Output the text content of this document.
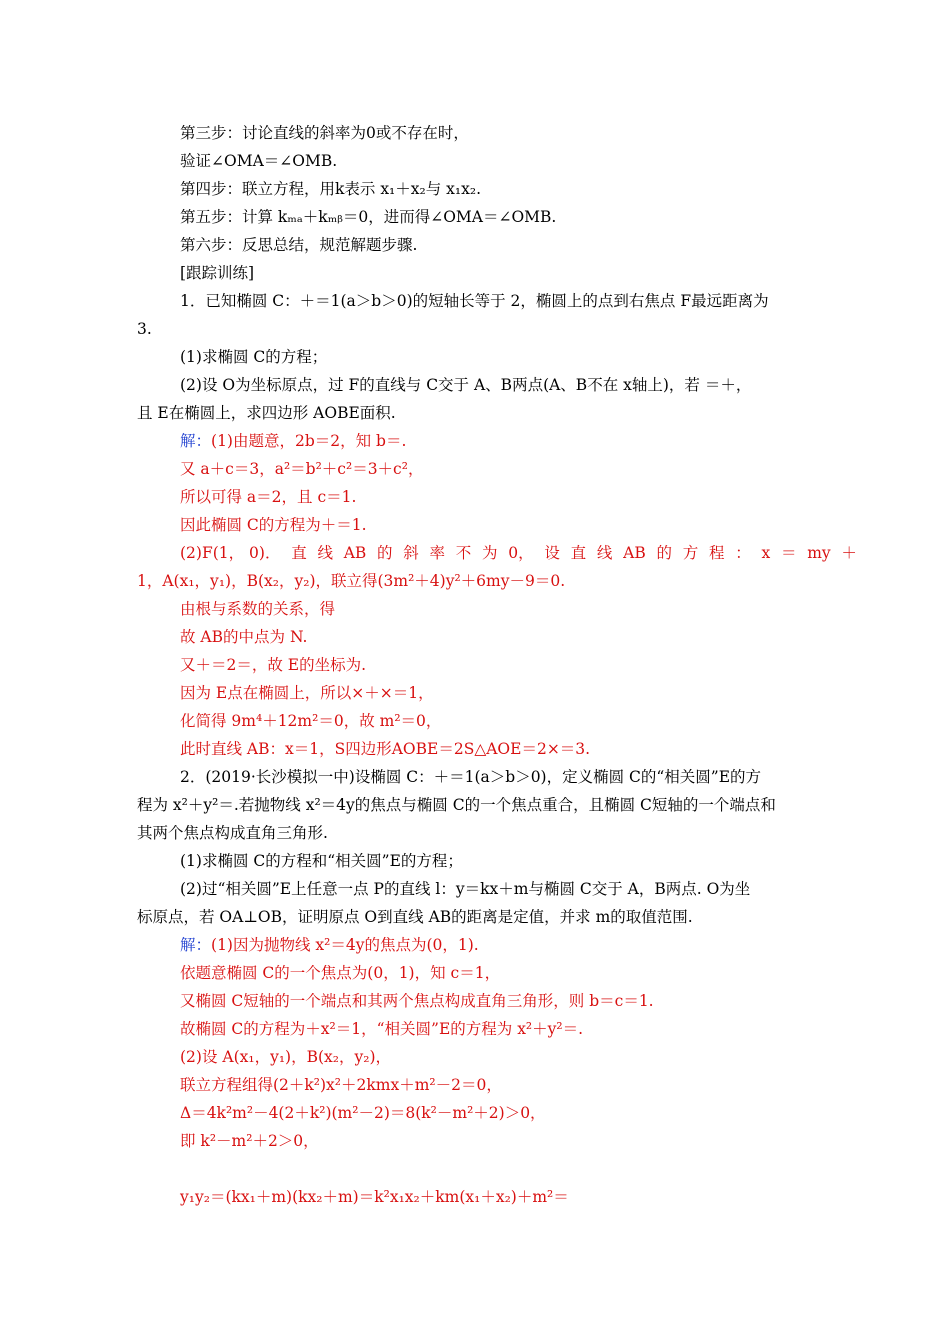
第三步：讨论直线的斜率为0或不存在时，
验证∠OMA＝∠OMB.
第四步：联立方程，用k表示 x₁＋x₂与 x₁x₂.
第五步：计算 kₘₐ＋kₘᵦ＝0，进而得∠OMA＝∠OMB.
第六步：反思总结，规范解题步骤.
[跟踪训练]
1．已知椭圆 C：＋＝1(a＞b＞0)的短轴长等于 2，椭圆上的点到右焦点 F最远距离为
3.
(1)求椭圆 C的方程；
(2)设 O为坐标原点，过 F的直线与 C交于 A、B两点(A、B不在 x轴上)，若 ＝＋，
且 E在椭圆上，求四边形 AOBE面积.
解：(1)由题意，2b＝2，知 b＝.
又 a＋c＝3，a²＝b²＋c²＝3＋c²，
所以可得 a＝2，且 c＝1.
因此椭圆 C的方程为＋＝1.
(2)F(1， 0)． 直 线 AB 的 斜 率 不 为 0， 设 直 线 AB 的 方 程 ： x ＝ my ＋
1，A(x₁，y₁)，B(x₂，y₂)，联立得(3m²＋4)y²＋6my－9＝0.
由根与系数的关系，得
故 AB的中点为 N.
又＋＝2＝，故 E的坐标为.
因为 E点在椭圆上，所以×＋×＝1，
化简得 9m⁴＋12m²＝0，故 m²＝0，
此时直线 AB：x＝1，S四边形AOBE＝2S△AOE＝2×＝3.
2．(2019·长沙模拟一中)设椭圆 C：＋＝1(a＞b＞0)，定义椭圆 C的“相关圆”E的方
程为 x²＋y²＝.若抛物线 x²＝4y的焦点与椭圆 C的一个焦点重合，且椭圆 C短轴的一个端点和
其两个焦点构成直角三角形.
(1)求椭圆 C的方程和“相关圆”E的方程；
(2)过“相关圆”E上任意一点 P的直线 l：y＝kx＋m与椭圆 C交于 A，B两点. O为坐
标原点，若 OA⊥OB，证明原点 O到直线 AB的距离是定值，并求 m的取值范围.
解：(1)因为抛物线 x²＝4y的焦点为(0，1).
依题意椭圆 C的一个焦点为(0，1)，知 c＝1，
又椭圆 C短轴的一个端点和其两个焦点构成直角三角形，则 b＝c＝1.
故椭圆 C的方程为＋x²＝1，“相关圆”E的方程为 x²＋y²＝.
(2)设 A(x₁，y₁)，B(x₂，y₂)，
联立方程组得(2＋k²)x²＋2kmx＋m²－2＝0，
Δ＝4k²m²－4(2＋k²)(m²－2)＝8(k²－m²＋2)＞0，
即 k²－m²＋2＞0，
y₁y₂＝(kx₁＋m)(kx₂＋m)＝k²x₁x₂＋km(x₁＋x₂)＋m²＝
